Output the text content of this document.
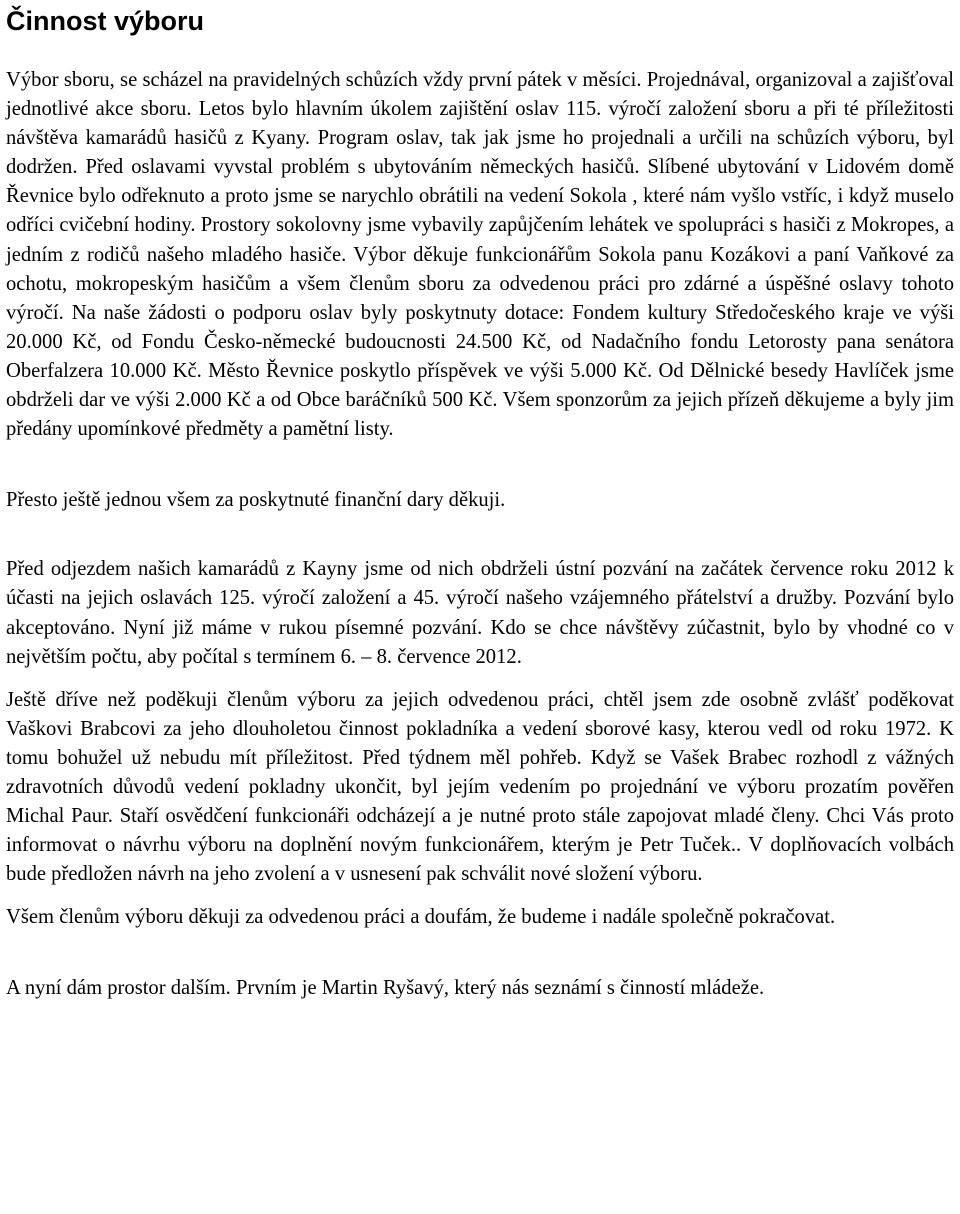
Činnost výboru

Výbor sboru, se scházel na pravidelných schůzích vždy první pátek v měsíci. Projednával, organizoval a zajišťoval jednotlivé akce sboru. Letos bylo hlavním úkolem zajištění oslav 115. výročí založení sboru a při té příležitosti návštěva kamarádů hasičů z Kyany. Program oslav, tak jak jsme ho projednali a určili na schůzích výboru, byl dodržen. Před oslavami vyvstal problém s ubytováním německých hasičů. Slíbené ubytování v Lidovém domě Řevnice bylo odřeknuto a proto jsme se narychlo obrátili na vedení Sokola , které nám vyšlo vstříc, i když muselo odříci cvičební hodiny. Prostory sokolovny jsme vybavily zapůjčením lehátek ve spolupráci s hasiči z Mokropes, a jedním z rodičů našeho mladého hasiče. Výbor děkuje funkcionářům Sokola panu Kozákovi a paní Vaňkové za ochotu, mokropeským hasičům a všem členům sboru za odvedenou práci pro zdárné a úspěšné oslavy tohoto výročí. Na naše žádosti o podporu oslav byly poskytnuty dotace: Fondem kultury Středočeského kraje ve výši 20.000 Kč, od Fondu Česko-německé budoucnosti 24.500 Kč, od Nadačního fondu Letorosty pana senátora Oberfalzera 10.000 Kč. Město Řevnice poskytlo příspěvek ve výši 5.000 Kč. Od Dělnické besedy Havlíček jsme obdrželi dar ve výši 2.000 Kč a od Obce baráčníků 500 Kč. Všem sponzorům za jejich přízeň děkujeme a byly jim předány upomínkové předměty a pamětní listy.

Přesto ještě jednou všem za poskytnuté finanční dary děkuji.

Před odjezdem našich kamarádů z Kayny jsme od nich obdrželi ústní pozvání na začátek července roku 2012 k účasti na jejich oslavách 125. výročí založení a 45. výročí našeho vzájemného přátelství a družby. Pozvání bylo akceptováno. Nyní již máme v rukou písemné pozvání. Kdo se chce návštěvy zúčastnit, bylo by vhodné co v největším počtu, aby počítal s termínem 6. – 8. července 2012.

Ještě dříve než poděkuji členům výboru za jejich odvedenou práci, chtěl jsem zde osobně zvlášť poděkovat Vaškovi Brabcovi za jeho dlouholetou činnost pokladníka a vedení sborové kasy, kterou vedl od roku 1972. K tomu bohužel už nebudu mít příležitost. Před týdnem měl pohřeb. Když se Vašek Brabec rozhodl z vážných zdravotních důvodů vedení pokladny ukončit, byl jejím vedením po projednání ve výboru prozatím pověřen Michal Paur. Staří osvědčení funkcionáři odcházejí a je nutné proto stále zapojovat mladé členy. Chci Vás proto informovat o návrhu výboru na doplnění novým funkcionářem, kterým je Petr Tuček.. V doplňovacích volbách bude předložen návrh na jeho zvolení a v usnesení pak schválit nové složení výboru.

Všem členům výboru děkuji za odvedenou práci a doufám, že budeme i nadále společně pokračovat.

A nyní dám prostor dalším. Prvním je Martin Ryšavý, který nás seznámí s činností mládeže.
